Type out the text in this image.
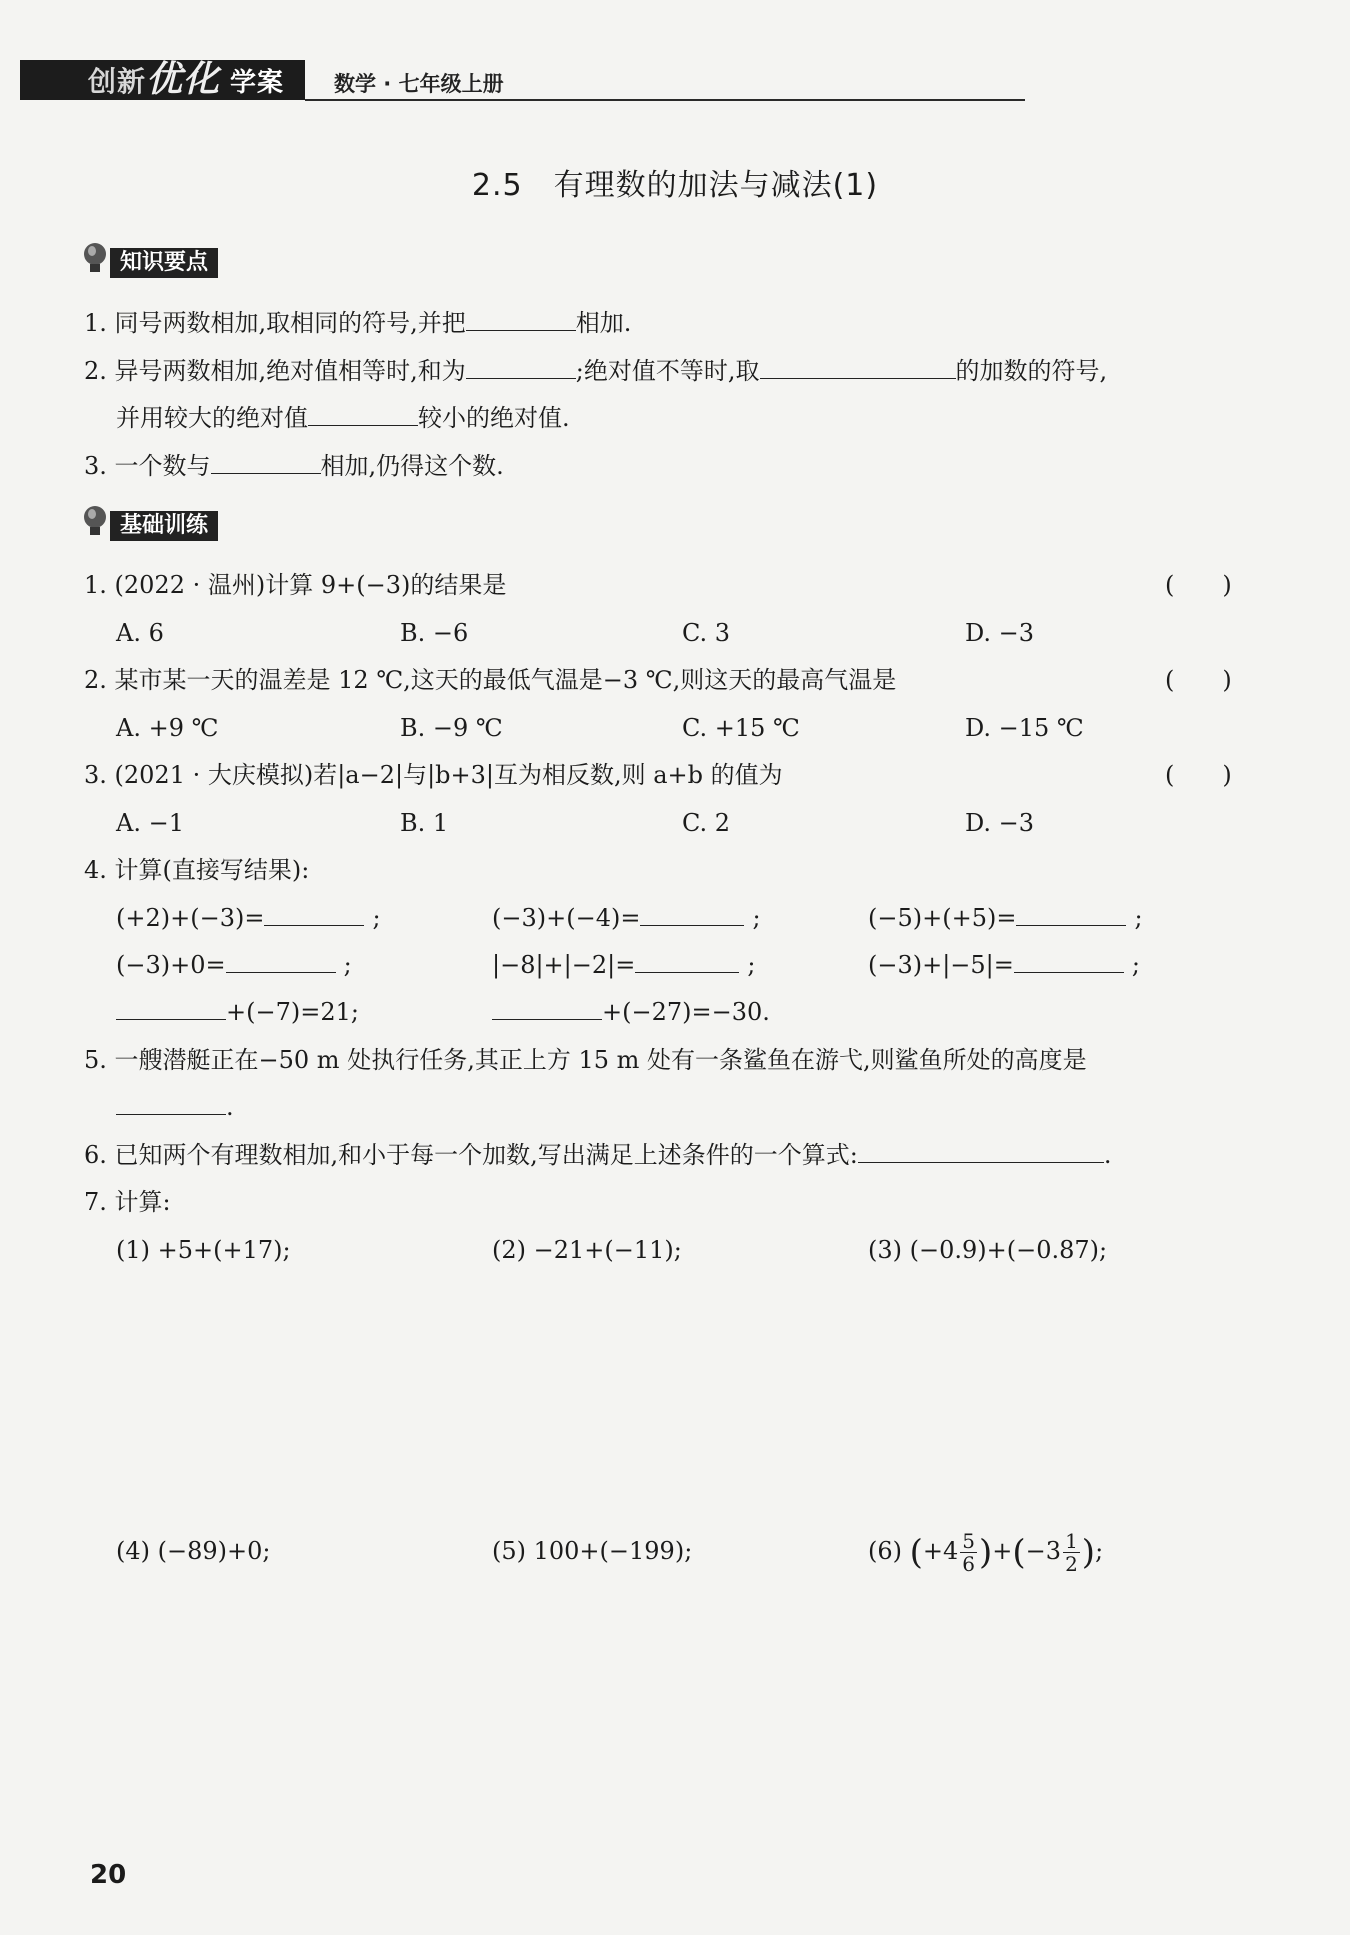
创新优化 学案 数学 · 七年级上册
2.5　有理数的加法与减法(1)
知识要点
1. 同号两数相加,取相同的符号,并把	相加.
2. 异号两数相加,绝对值相等时,和为	;绝对值不等时,取	的加数的符号,
并用较大的绝对值	较小的绝对值.
3. 一个数与	相加,仍得这个数.
基础训练
1. (2022 · 温州)计算 9+(−3)的结果是	(　　)
A. 6	B. −6	C. 3	D. −3
2. 某市某一天的温差是 12 ℃,这天的最低气温是−3 ℃,则这天的最高气温是	(　　)
A. +9 ℃	B. −9 ℃	C. +15 ℃	D. −15 ℃
3. (2021 · 大庆模拟)若|a−2|与|b+3|互为相反数,则 a+b 的值为	(　　)
A. −1	B. 1	C. 2	D. −3
4. 计算(直接写结果):
(+2)+(−3)=	;	(−3)+(−4)=	;	(−5)+(+5)=	;
(−3)+0=	;	|−8|+|−2|=	;	(−3)+|−5|=	;
+(−7)=21;	+(−27)=−30.
5. 一艘潜艇正在−50 m 处执行任务,其正上方 15 m 处有一条鲨鱼在游弋,则鲨鱼所处的高度是
.
6. 已知两个有理数相加,和小于每一个加数,写出满足上述条件的一个算式:	.
7. 计算:
(1) +5+(+17);	(2) −21+(−11);	(3) (−0.9)+(−0.87);
(4) (−89)+0;	(5) 100+(−199);	(6) $(+4 \frac{5}{6} )+(-3 \frac{1}{2}$ );
20
